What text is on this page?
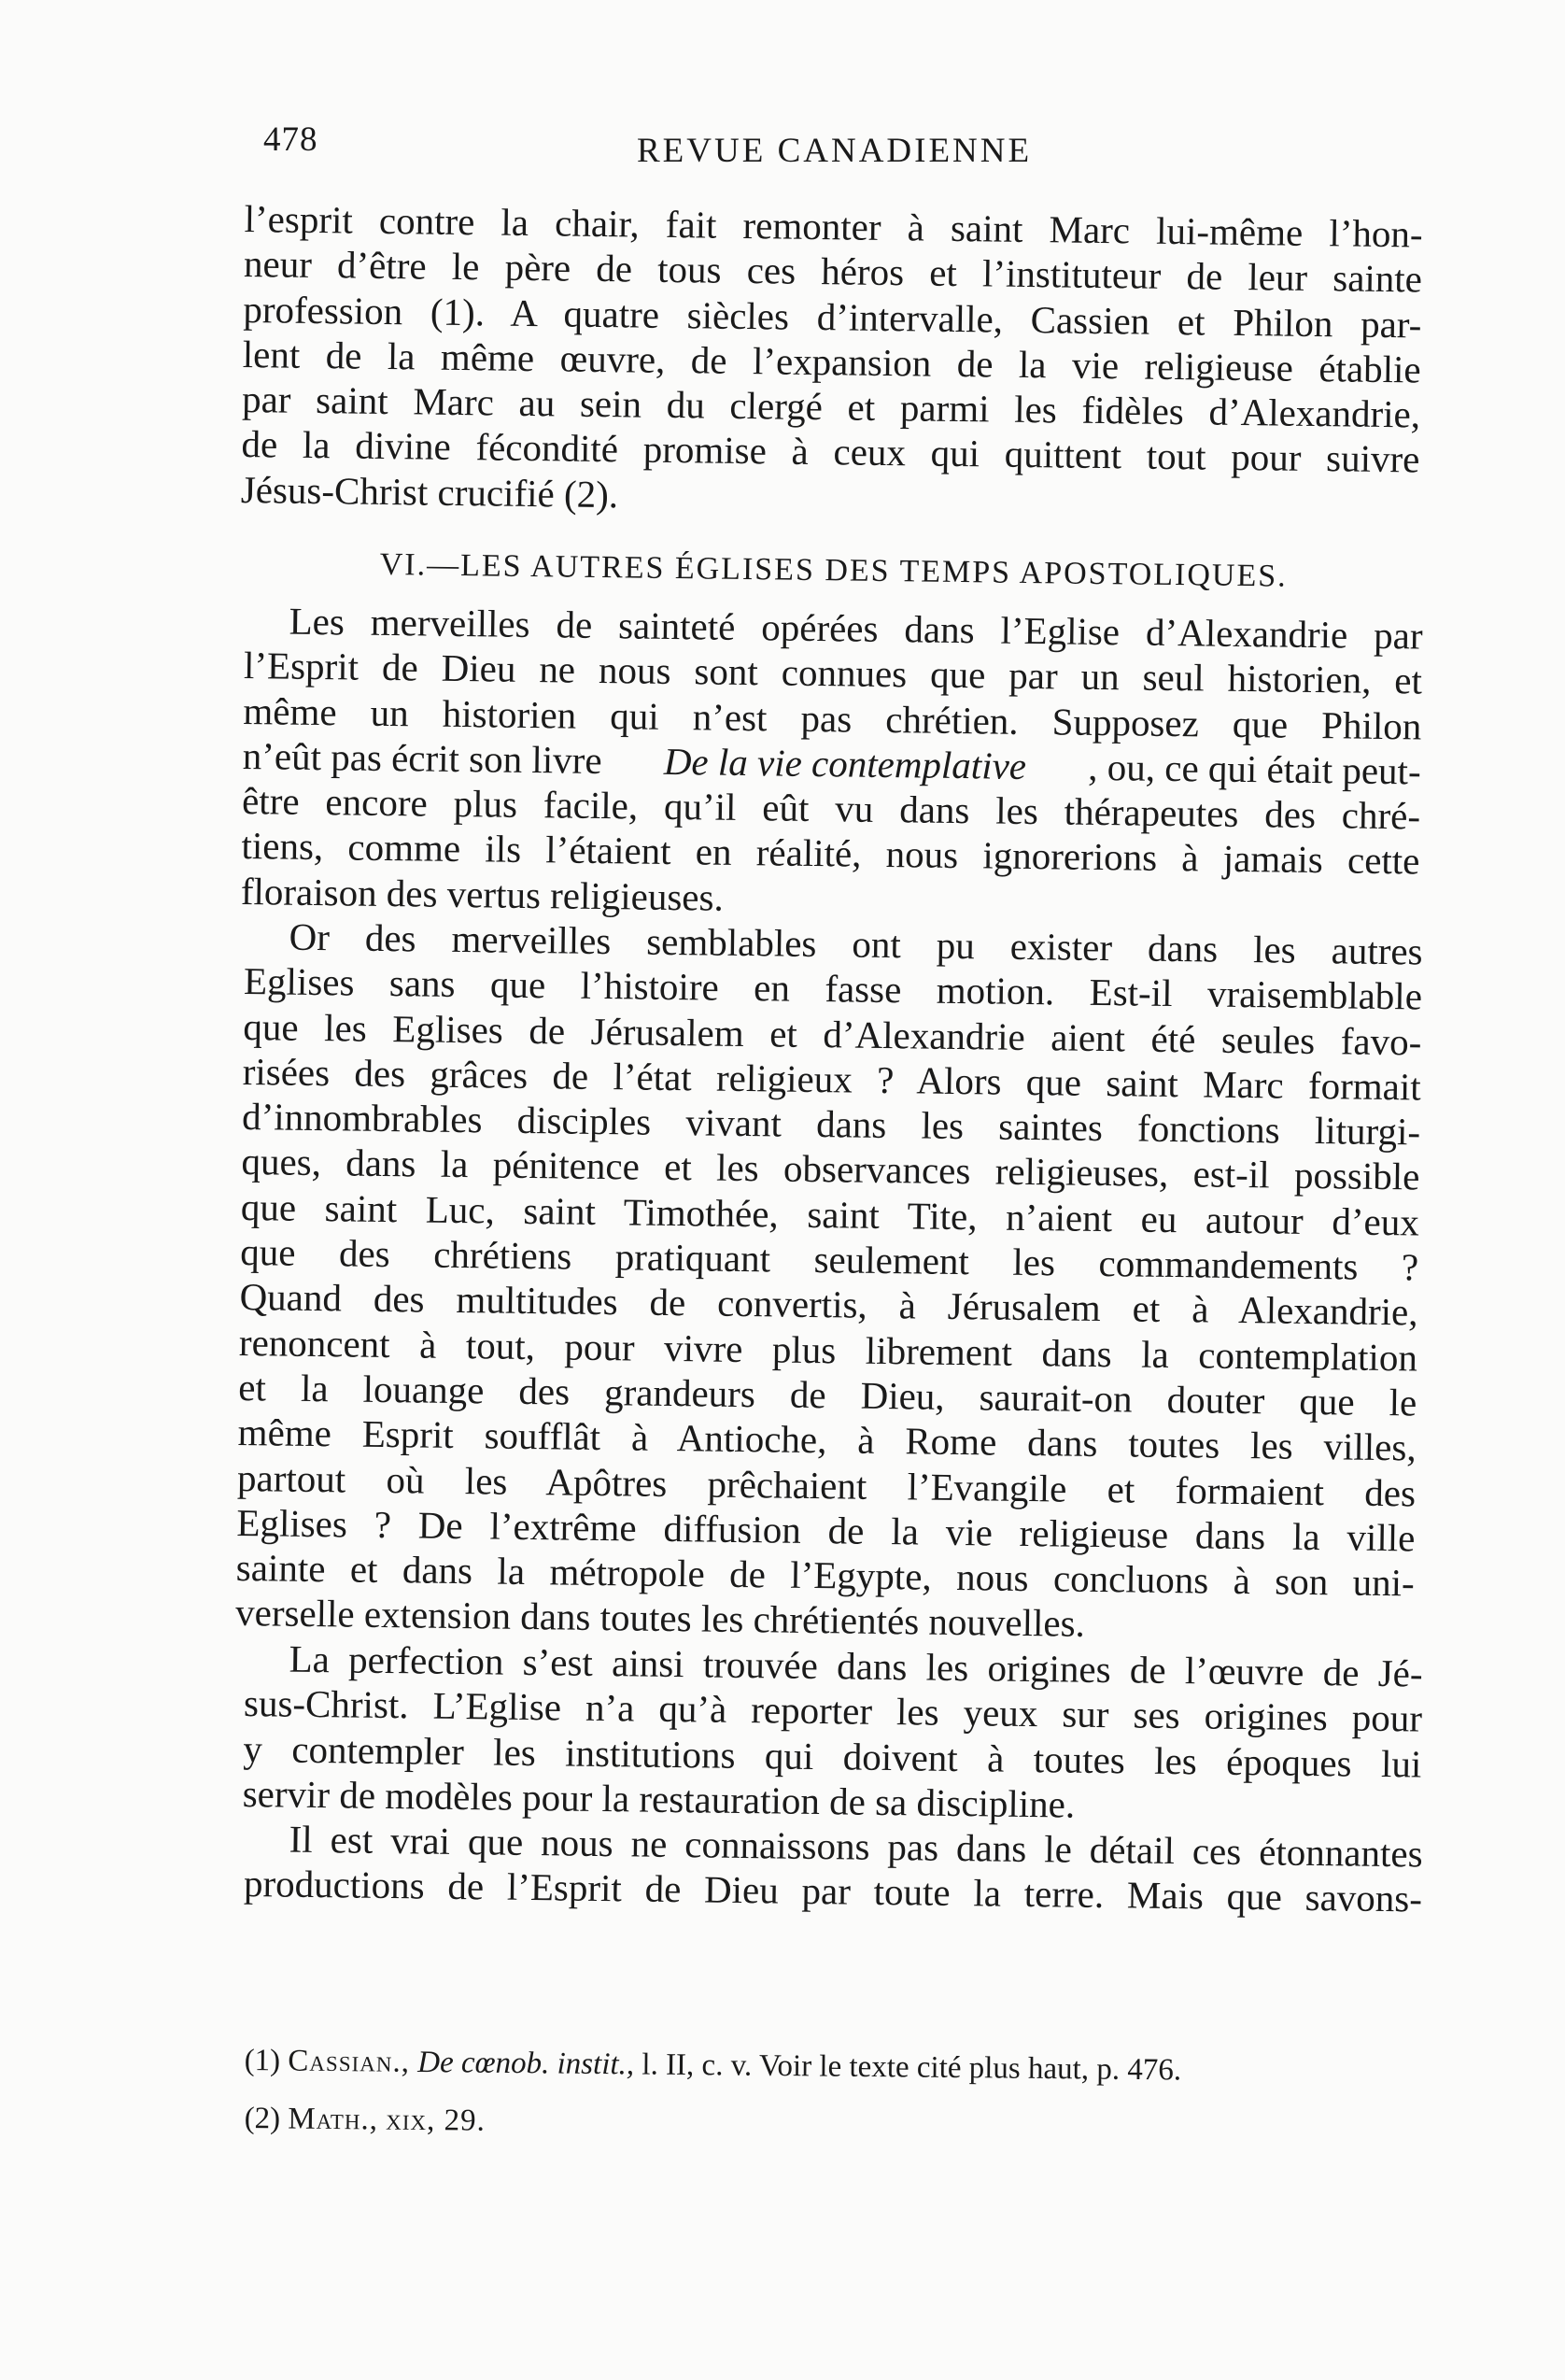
478	REVUE CANADIENNE
l’esprit contre la chair, fait remonter à saint Marc lui-même l’hon-
neur d’être le père de tous ces héros et l’instituteur de leur sainte
profession (1). A quatre siècles d’intervalle, Cassien et Philon par-
lent de la même œuvre, de l’expansion de la vie religieuse établie
par saint Marc au sein du clergé et parmi les fidèles d’Alexandrie,
de la divine fécondité promise à ceux qui quittent tout pour suivre
Jésus-Christ crucifié (2).
VI.—LES AUTRES ÉGLISES DES TEMPS APOSTOLIQUES.
Les merveilles de sainteté opérées dans l’Eglise d’Alexandrie par
l’Esprit de Dieu ne nous sont connues que par un seul historien, et
même un historien qui n’est pas chrétien. Supposez que Philon
n’eût pas écrit son livre De la vie contemplative , ou, ce qui était peut-
être encore plus facile, qu’il eût vu dans les thérapeutes des chré-
tiens, comme ils l’étaient en réalité, nous ignorerions à jamais cette
floraison des vertus religieuses.
Or des merveilles semblables ont pu exister dans les autres
Eglises sans que l’histoire en fasse motion. Est-il vraisemblable
que les Eglises de Jérusalem et d’Alexandrie aient été seules favo-
risées des grâces de l’état religieux ? Alors que saint Marc formait
d’innombrables disciples vivant dans les saintes fonctions liturgi-
ques, dans la pénitence et les observances religieuses, est-il possible
que saint Luc, saint Timothée, saint Tite, n’aient eu autour d’eux
que des chrétiens pratiquant seulement les commandements ?
Quand des multitudes de convertis, à Jérusalem et à Alexandrie,
renoncent à tout, pour vivre plus librement dans la contemplation
et la louange des grandeurs de Dieu, saurait-on douter que le
même Esprit soufflât à Antioche, à Rome dans toutes les villes,
partout où les Apôtres prêchaient l’Evangile et formaient des
Eglises ? De l’extrême diffusion de la vie religieuse dans la ville
sainte et dans la métropole de l’Egypte, nous concluons à son uni-
verselle extension dans toutes les chrétientés nouvelles.
La perfection s’est ainsi trouvée dans les origines de l’œuvre de Jé-
sus-Christ. L’Eglise n’a qu’à reporter les yeux sur ses origines pour
y contempler les institutions qui doivent à toutes les époques lui
servir de modèles pour la restauration de sa discipline.
Il est vrai que nous ne connaissons pas dans le détail ces étonnantes
productions de l’Esprit de Dieu par toute la terre. Mais que savons-
(1) Cassian., De cœnob. instit., l. II, c. v. Voir le texte cité plus haut, p. 476.
(2) Math., xix, 29.
